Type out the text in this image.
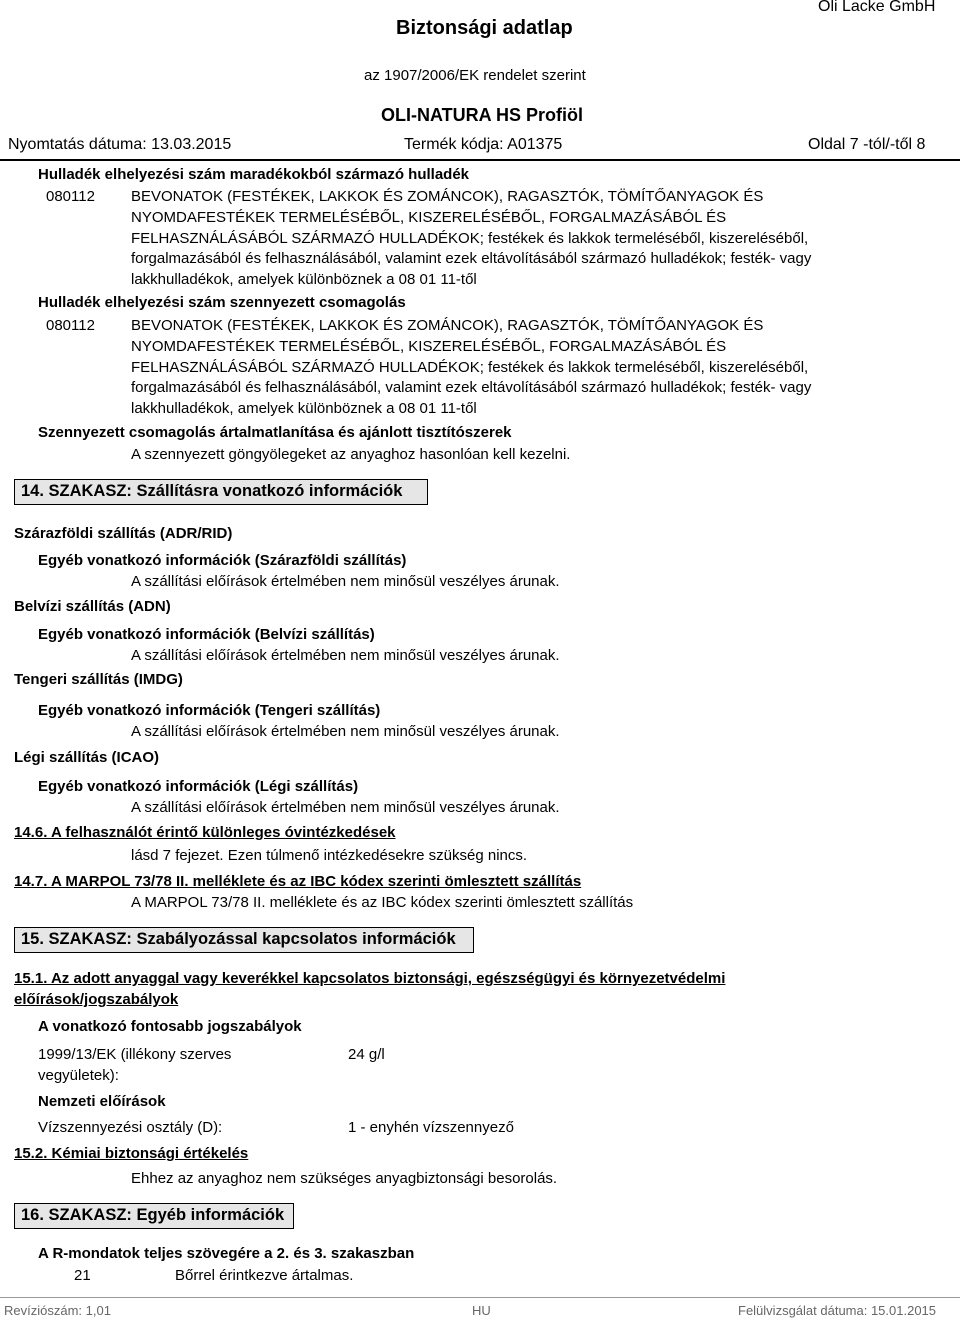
Biztonsági adatlap
Oli Lacke GmbH
az 1907/2006/EK rendelet szerint
OLI-NATURA HS Profiöl
Nyomtatás dátuma: 13.03.2015	Termék kódja: A01375	Oldal 7 -tól/-től 8
Hulladék elhelyezési szám maradékokból származó hulladék
080112 BEVONATOK (FESTÉKEK, LAKKOK ÉS ZOMÁNCOK), RAGASZTÓK, TÖMÍTŐANYAGOK ÉS
NYOMDAFESTÉKEK TERMELÉSÉBŐL, KISZERELÉSÉBŐL, FORGALMAZÁSÁBÓL ÉS
FELHASZNÁLÁSÁBÓL SZÁRMAZÓ HULLADÉKOK; festékek és lakkok termeléséből, kiszereléséből,
forgalmazásából és felhasználásából, valamint ezek eltávolításából származó hulladékok; festék- vagy
lakkhulladékok, amelyek különböznek a 08 01 11-től
Hulladék elhelyezési szám szennyezett csomagolás
080112 BEVONATOK (FESTÉKEK, LAKKOK ÉS ZOMÁNCOK), RAGASZTÓK, TÖMÍTŐANYAGOK ÉS
NYOMDAFESTÉKEK TERMELÉSÉBŐL, KISZERELÉSÉBŐL, FORGALMAZÁSÁBÓL ÉS
FELHASZNÁLÁSÁBÓL SZÁRMAZÓ HULLADÉKOK; festékek és lakkok termeléséből, kiszereléséből,
forgalmazásából és felhasználásából, valamint ezek eltávolításából származó hulladékok; festék- vagy
lakkhulladékok, amelyek különböznek a 08 01 11-től
Szennyezett csomagolás ártalmatlanítása és ajánlott tisztítószerek
A szennyezett göngyölegeket az anyaghoz hasonlóan kell kezelni.
14. SZAKASZ: Szállításra vonatkozó információk
Szárazföldi szállítás (ADR/RID)
Egyéb vonatkozó információk (Szárazföldi szállítás)
A szállítási előírások értelmében nem minősül veszélyes árunak.
Belvízi szállítás (ADN)
Egyéb vonatkozó információk (Belvízi szállítás)
A szállítási előírások értelmében nem minősül veszélyes árunak.
Tengeri szállítás (IMDG)
Egyéb vonatkozó információk (Tengeri szállítás)
A szállítási előírások értelmében nem minősül veszélyes árunak.
Légi szállítás (ICAO)
Egyéb vonatkozó információk (Légi szállítás)
A szállítási előírások értelmében nem minősül veszélyes árunak.
14.6. A felhasználót érintő különleges óvintézkedések
lásd 7 fejezet. Ezen túlmenő intézkedésekre szükség nincs.
14.7. A MARPOL 73/78 II. melléklete és az IBC kódex szerinti ömlesztett szállítás
A MARPOL 73/78 II. melléklete és az IBC kódex szerinti ömlesztett szállítás
15. SZAKASZ: Szabályozással kapcsolatos információk
15.1. Az adott anyaggal vagy keverékkel kapcsolatos biztonsági, egészségügyi és környezetvédelmi
előírások/jogszabályok
A vonatkozó fontosabb jogszabályok
1999/13/EK (illékony szerves
vegyületek):
24 g/l
Nemzeti előírások
Vízszennyezési osztály (D):	1 - enyhén vízszennyező
15.2. Kémiai biztonsági értékelés
Ehhez az anyaghoz nem szükséges anyagbiztonsági besorolás.
16. SZAKASZ: Egyéb információk
A R-mondatok teljes szövegére a 2. és 3. szakaszban
21	Bőrrel érintkezve ártalmas.
Revíziószám: 1,01	HU	Felülvizsgálat dátuma: 15.01.2015
